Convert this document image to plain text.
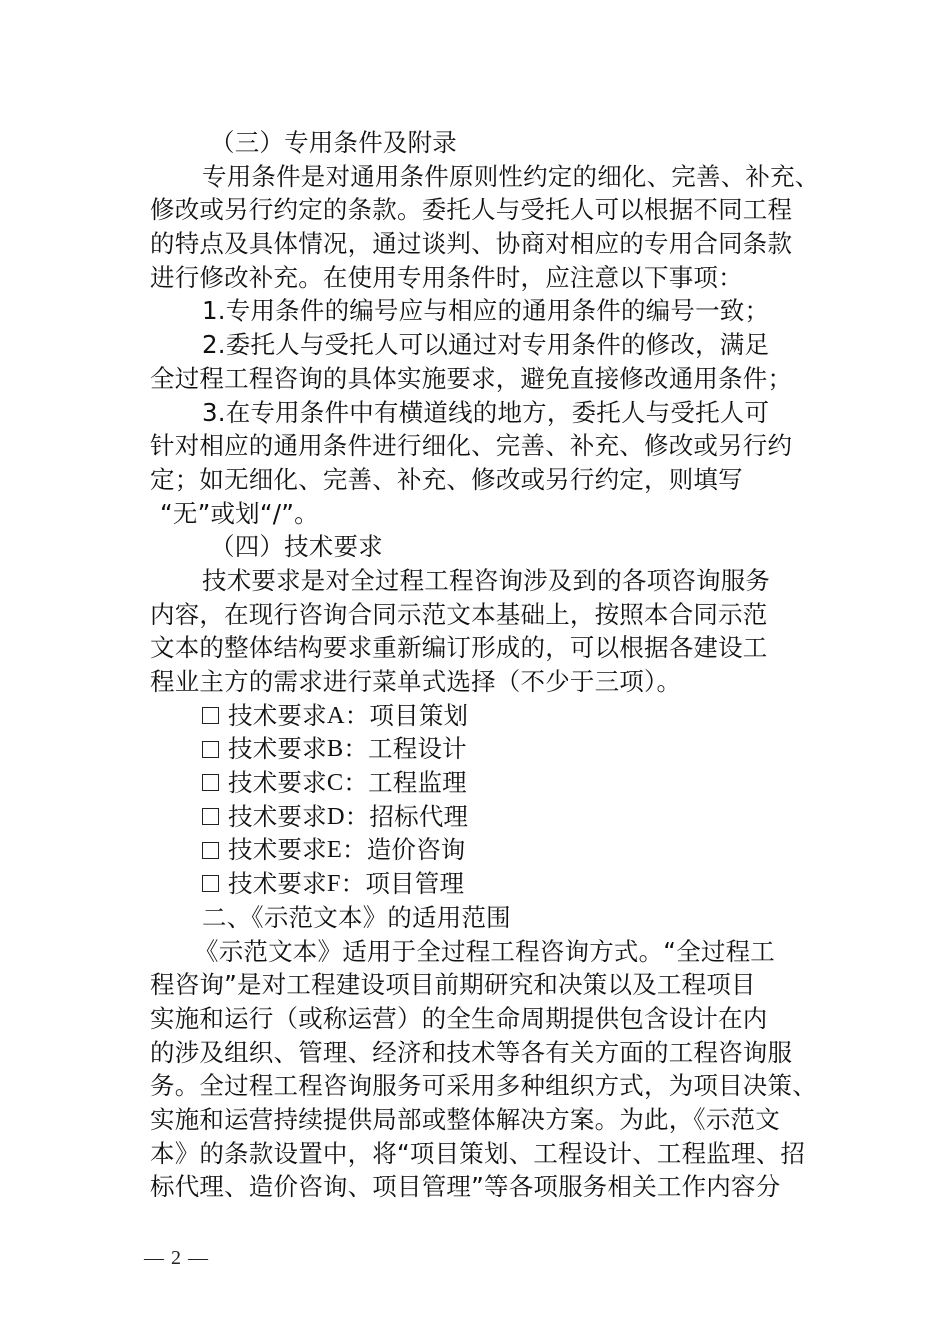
（三）专用条件及附录
专用条件是对通用条件原则性约定的细化、完善、补充、
修改或另行约定的条款。委托人与受托人可以根据不同工程
的特点及具体情况，通过谈判、协商对相应的专用合同条款
进行修改补充。在使用专用条件时，应注意以下事项：
1.专用条件的编号应与相应的通用条件的编号一致；
2.委托人与受托人可以通过对专用条件的修改，满足
全过程工程咨询的具体实施要求，避免直接修改通用条件；
3.在专用条件中有横道线的地方，委托人与受托人可
针对相应的通用条件进行细化、完善、补充、修改或另行约
定；如无细化、完善、补充、修改或另行约定，则填写
“无”或划“/”。
（四）技术要求
技术要求是对全过程工程咨询涉及到的各项咨询服务
内容，在现行咨询合同示范文本基础上，按照本合同示范
文本的整体结构要求重新编订形成的，可以根据各建设工
程业主方的需求进行菜单式选择（不少于三项）。
技术要求 A ： 项目策划
技术要求 B ： 工程设计
技术要求 C ： 工程监理
技术要求 D ： 招标代理
技术要求 E ： 造价咨询
技术要求 F ： 项目管理
二、《示范文本》的适用范围
《示范文本》适用于全过程工程咨询方式。“全过程工
程咨询”是对工程建设项目前期研究和决策以及工程项目
实施和运行（或称运营）的全生命周期提供包含设计在内
的涉及组织、管理、经济和技术等各有关方面的工程咨询服
务。全过程工程咨询服务可采用多种组织方式，为项目决策、
实施和运营持续提供局部或整体解决方案。为此，《示范文
本》的条款设置中，将“项目策划、工程设计、工程监理、招
标代理、造价咨询、项目管理”等各项服务相关工作内容分
— 2 —
